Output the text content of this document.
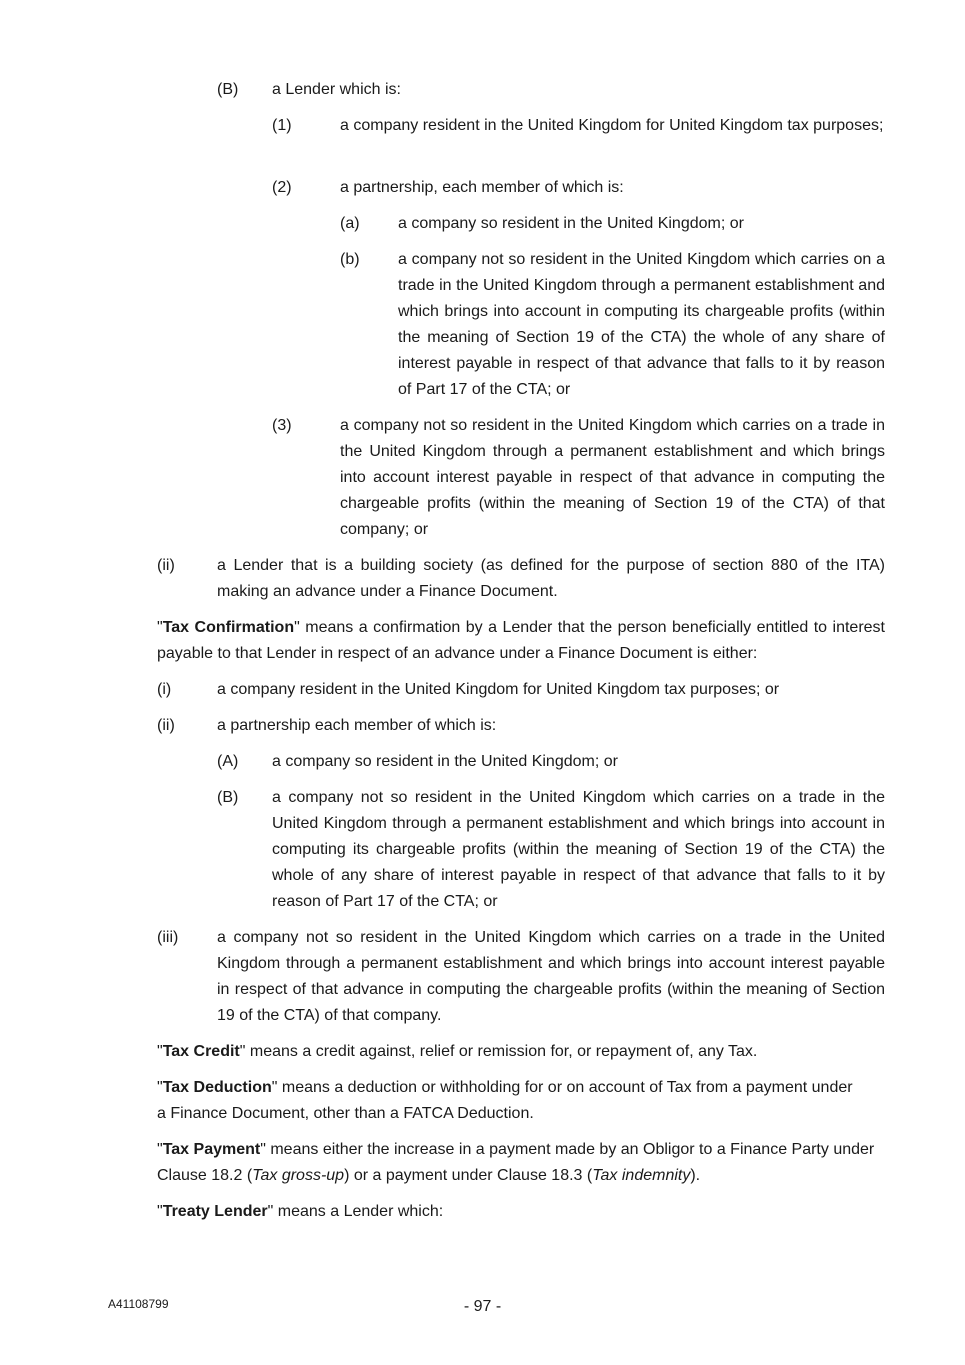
(B) a Lender which is:
(1)	a company resident in the United Kingdom for United Kingdom tax purposes;
(2)	a partnership, each member of which is:
(a) a company so resident in the United Kingdom; or
(b) a company not so resident in the United Kingdom which carries on a trade in the United Kingdom through a permanent establishment and which brings into account in computing its chargeable profits (within the meaning of Section 19 of the CTA) the whole of any share of interest payable in respect of that advance that falls to it by reason of Part 17 of the CTA; or
(3)	a company not so resident in the United Kingdom which carries on a trade in the United Kingdom through a permanent establishment and which brings into account interest payable in respect of that advance in computing the chargeable profits (within the meaning of Section 19 of the CTA) of that company; or
(ii)	a Lender that is a building society (as defined for the purpose of section 880 of the ITA) making an advance under a Finance Document.
"Tax Confirmation" means a confirmation by a Lender that the person beneficially entitled to interest payable to that Lender in respect of an advance under a Finance Document is either:
(i)	a company resident in the United Kingdom for United Kingdom tax purposes; or
(ii)	a partnership each member of which is:
(A) a company so resident in the United Kingdom; or
(B) a company not so resident in the United Kingdom which carries on a trade in the United Kingdom through a permanent establishment and which brings into account in computing its chargeable profits (within the meaning of Section 19 of the CTA) the whole of any share of interest payable in respect of that advance that falls to it by reason of Part 17 of the CTA; or
(iii) a company not so resident in the United Kingdom which carries on a trade in the United Kingdom through a permanent establishment and which brings into account interest payable in respect of that advance in computing the chargeable profits (within the meaning of Section 19 of the CTA) of that company.
"Tax Credit" means a credit against, relief or remission for, or repayment of, any Tax.
"Tax Deduction" means a deduction or withholding for or on account of Tax from a payment under a Finance Document, other than a FATCA Deduction.
"Tax Payment" means either the increase in a payment made by an Obligor to a Finance Party under Clause 18.2 (Tax gross-up) or a payment under Clause 18.3 (Tax indemnity).
"Treaty Lender" means a Lender which:
A41108799	- 97 -
